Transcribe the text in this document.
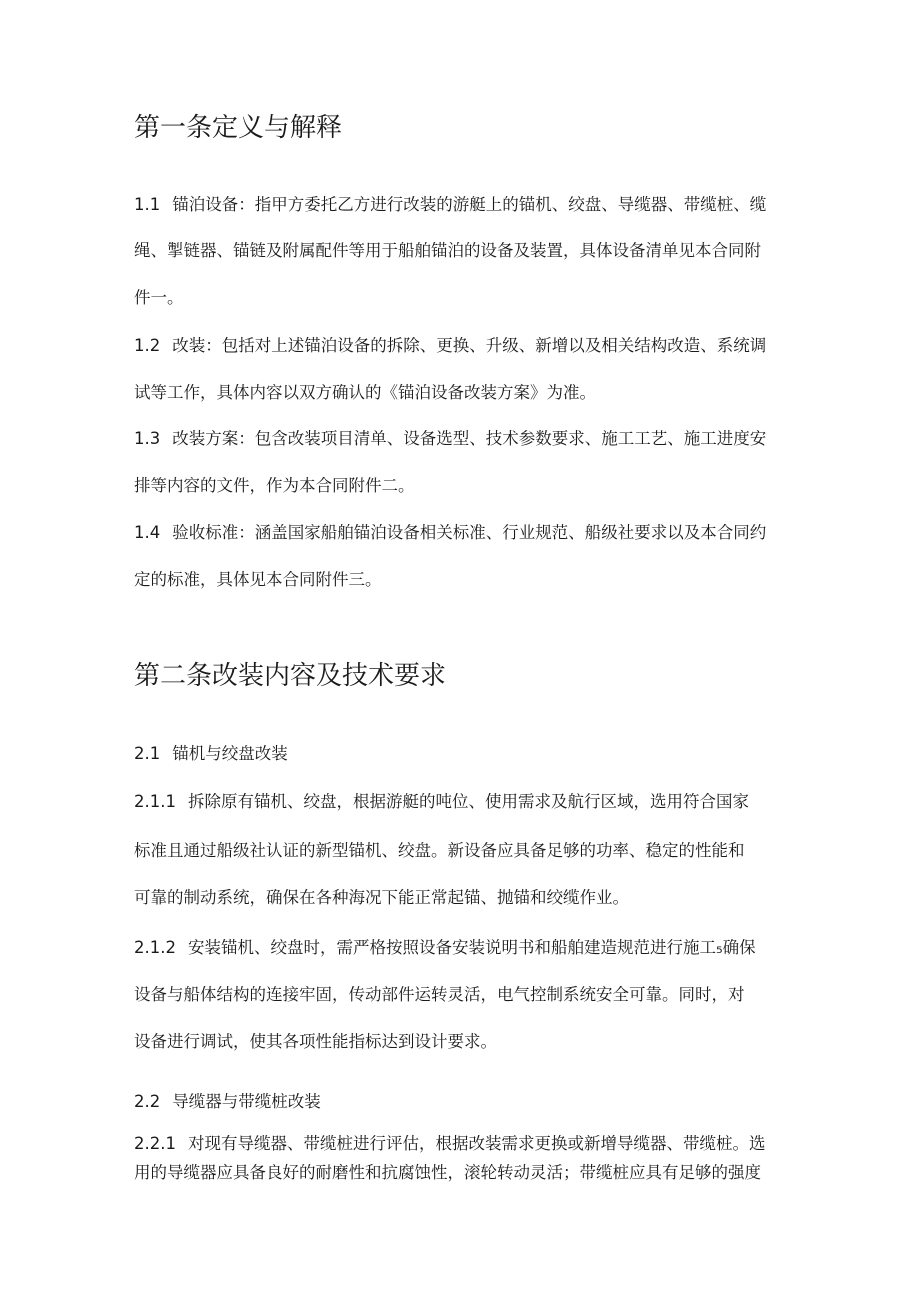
第一条定义与解释

1.1 锚泊设备：指甲方委托乙方进行改装的游艇上的锚机、绞盘、导缆器、带缆桩、缆

绳、掣链器、锚链及附属配件等用于船舶锚泊的设备及装置，具体设备清单见本合同附

件一。

1.2 改装：包括对上述锚泊设备的拆除、更换、升级、新增以及相关结构改造、系统调

试等工作，具体内容以双方确认的《锚泊设备改装方案》为准。

1.3 改装方案：包含改装项目清单、设备选型、技术参数要求、施工工艺、施工进度安

排等内容的文件，作为本合同附件二。

1.4 验收标准：涵盖国家船舶锚泊设备相关标准、行业规范、船级社要求以及本合同约

定的标准，具体见本合同附件三。

第二条改装内容及技术要求

2.1 锚机与绞盘改装

2.1.1 拆除原有锚机、绞盘，根据游艇的吨位、使用需求及航行区域，选用符合国家

标准且通过船级社认证的新型锚机、绞盘。新设备应具备足够的功率、稳定的性能和

可靠的制动系统，确保在各种海况下能正常起锚、抛锚和绞缆作业。

2.1.2 安装锚机、绞盘时，需严格按照设备安装说明书和船舶建造规范进行施工₅确保

设备与船体结构的连接牢固，传动部件运转灵活，电气控制系统安全可靠。同时，对

设备进行调试，使其各项性能指标达到设计要求。

2.2 导缆器与带缆桩改装

2.2.1 对现有导缆器、带缆桩进行评估，根据改装需求更换或新增导缆器、带缆桩。选

用的导缆器应具备良好的耐磨性和抗腐蚀性，滚轮转动灵活；带缆桩应具有足够的强度
